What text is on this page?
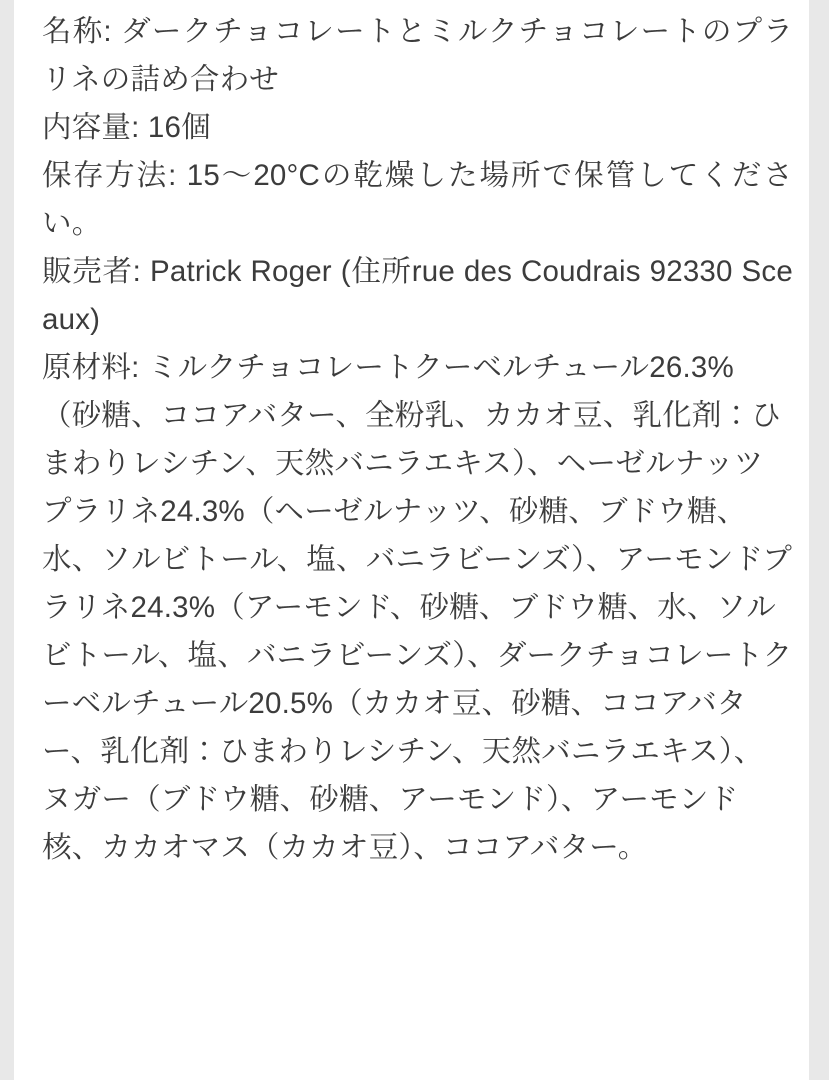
名称: ダークチョコレートとミルクチョコレートのプラリネの詰め合わせ

内容量: 16個

保存方法: 15〜20°Cの乾燥した場所で保管してください。

販売者: Patrick Roger (住所rue des Coudrais 92330 Sceaux)

原材料: ミルクチョコレートクーベルチュール26.3%（砂糖、ココアバター、全粉乳、カカオ豆、乳化剤：ひまわりレシチン、天然バニラエキス）、ヘーゼルナッツプラリネ24.3%（ヘーゼルナッツ、砂糖、ブドウ糖、水、ソルビトール、塩、バニラビーンズ）、アーモンドプラリネ24.3%（アーモンド、砂糖、ブドウ糖、水、ソルビトール、塩、バニラビーンズ）、ダークチョコレートクーベルチュール20.5%（カカオ豆、砂糖、ココアバター、乳化剤：ひまわりレシチン、天然バニラエキス）、ヌガー（ブドウ糖、砂糖、アーモンド）、アーモンド核、カカオマス（カカオ豆）、ココアバター。
